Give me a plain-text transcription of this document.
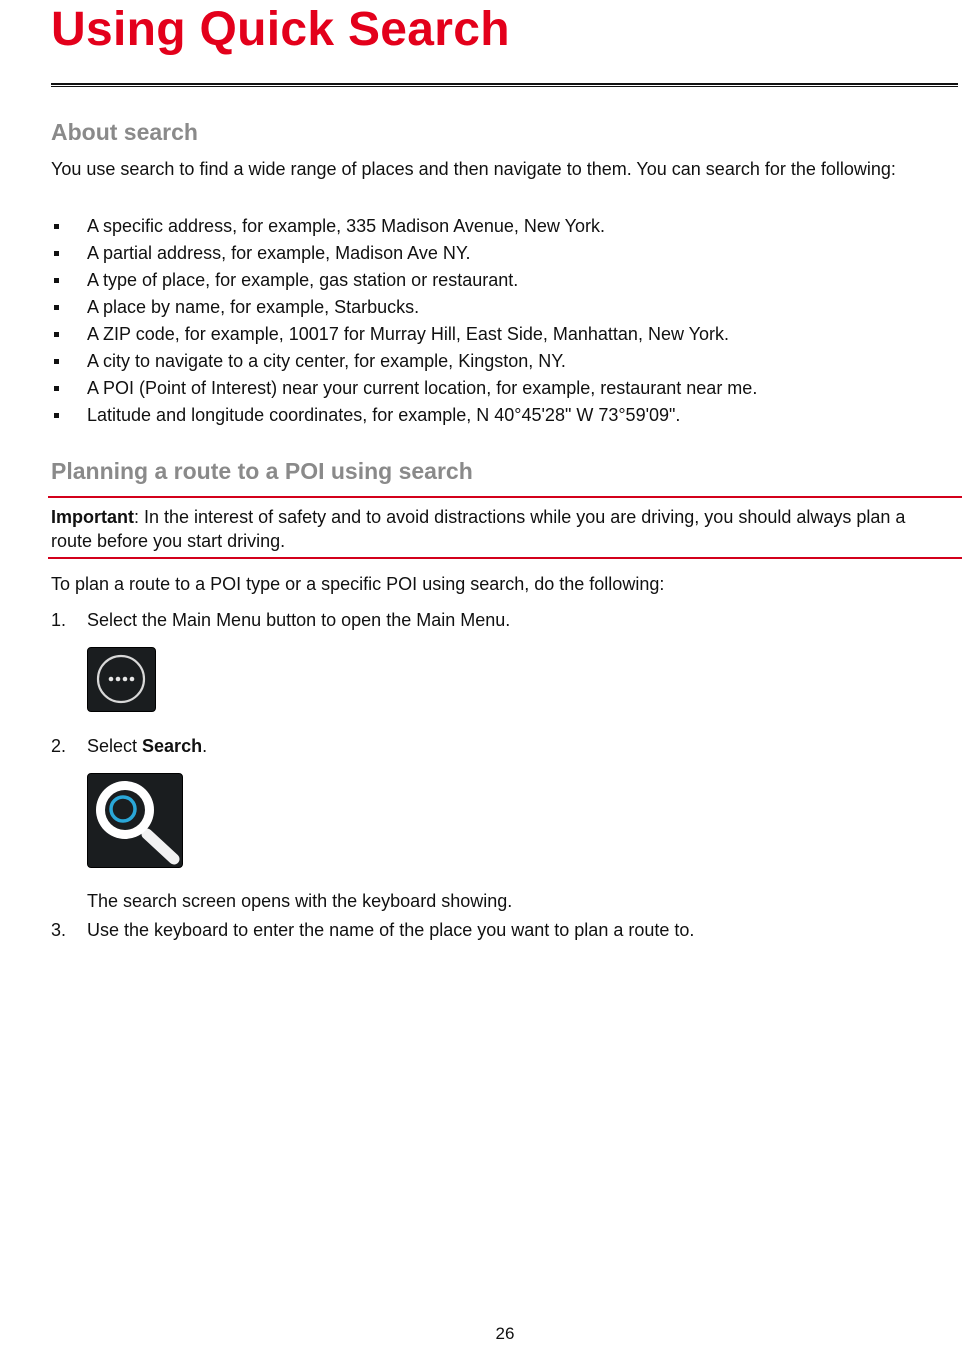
Using Quick Search
About search

You use search to find a wide range of places and then navigate to them. You can search for the following:

A specific address, for example, 335 Madison Avenue, New York.
A partial address, for example, Madison Ave NY.
A type of place, for example, gas station or restaurant.
A place by name, for example, Starbucks.
A ZIP code, for example, 10017 for Murray Hill, East Side, Manhattan, New York.
A city to navigate to a city center, for example, Kingston, NY.
A POI (Point of Interest) near your current location, for example, restaurant near me.
Latitude and longitude coordinates, for example, N 40°45'28" W 73°59'09".
Planning a route to a POI using search

Important: In the interest of safety and to avoid distractions while you are driving, you should always plan a route before you start driving.

To plan a route to a POI type or a specific POI using search, do the following:

1. Select the Main Menu button to open the Main Menu.
2. Select Search.
The search screen opens with the keyboard showing.
3. Use the keyboard to enter the name of the place you want to plan a route to.
26
